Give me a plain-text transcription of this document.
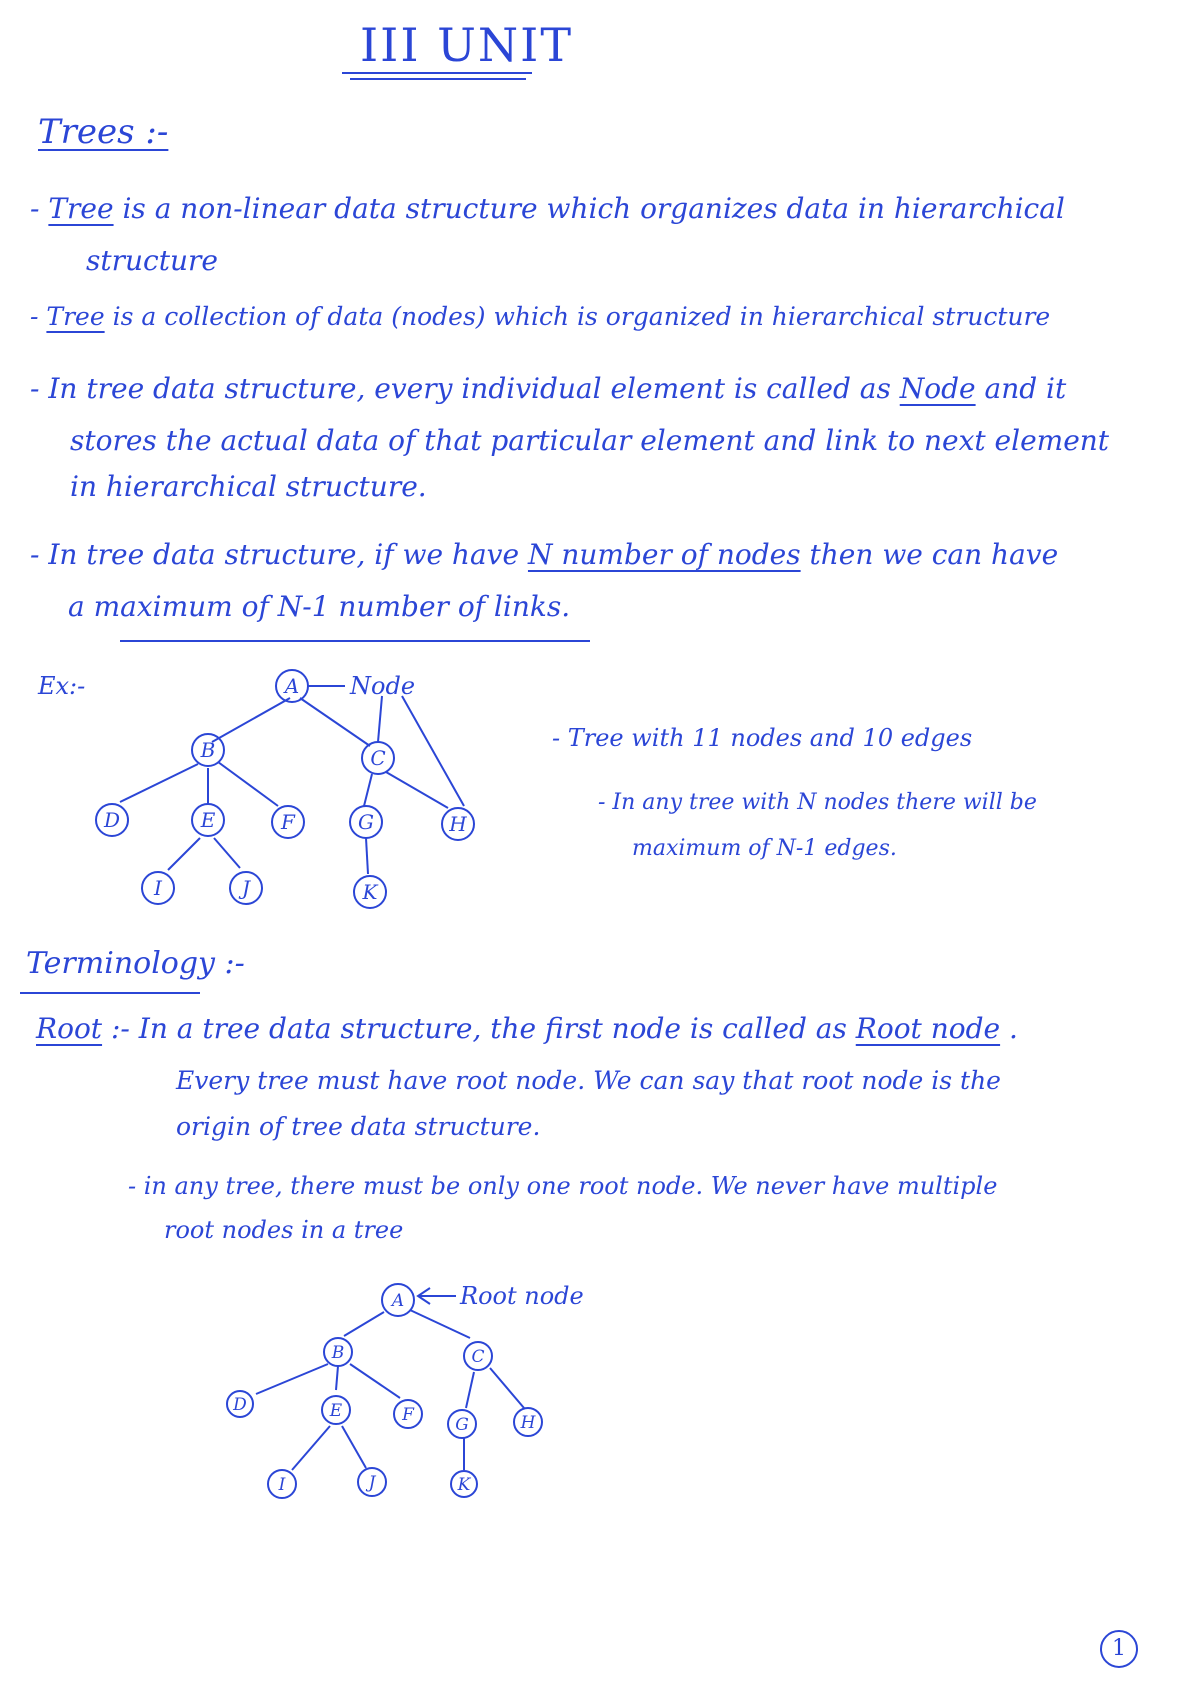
III UNIT
Trees :-
- Tree is a non-linear data structure which organizes data in hierarchical
structure
- Tree is a collection of data (nodes) which is organized in hierarchical structure
- In tree data structure, every individual element is called as Node and it
stores the actual data of that particular element and link to next element
in hierarchical structure.
- In tree data structure, if we have N number of nodes then we can have
a maximum of N-1 number of links.
Ex:-	A
B	C
D	E	F	G	H
I	J	K
Node
- Tree with 11 nodes and 10 edges
- In any tree with N nodes there will be
maximum of N-1 edges.
Terminology :-
Root :- In a tree data structure, the first node is called as Root node .
Every tree must have root node. We can say that root node is the
origin of tree data structure.
- in any tree, there must be only one root node. We never have multiple
root nodes in a tree
A
B	C
D	E	F G	H
I	J	K
Root node
1
